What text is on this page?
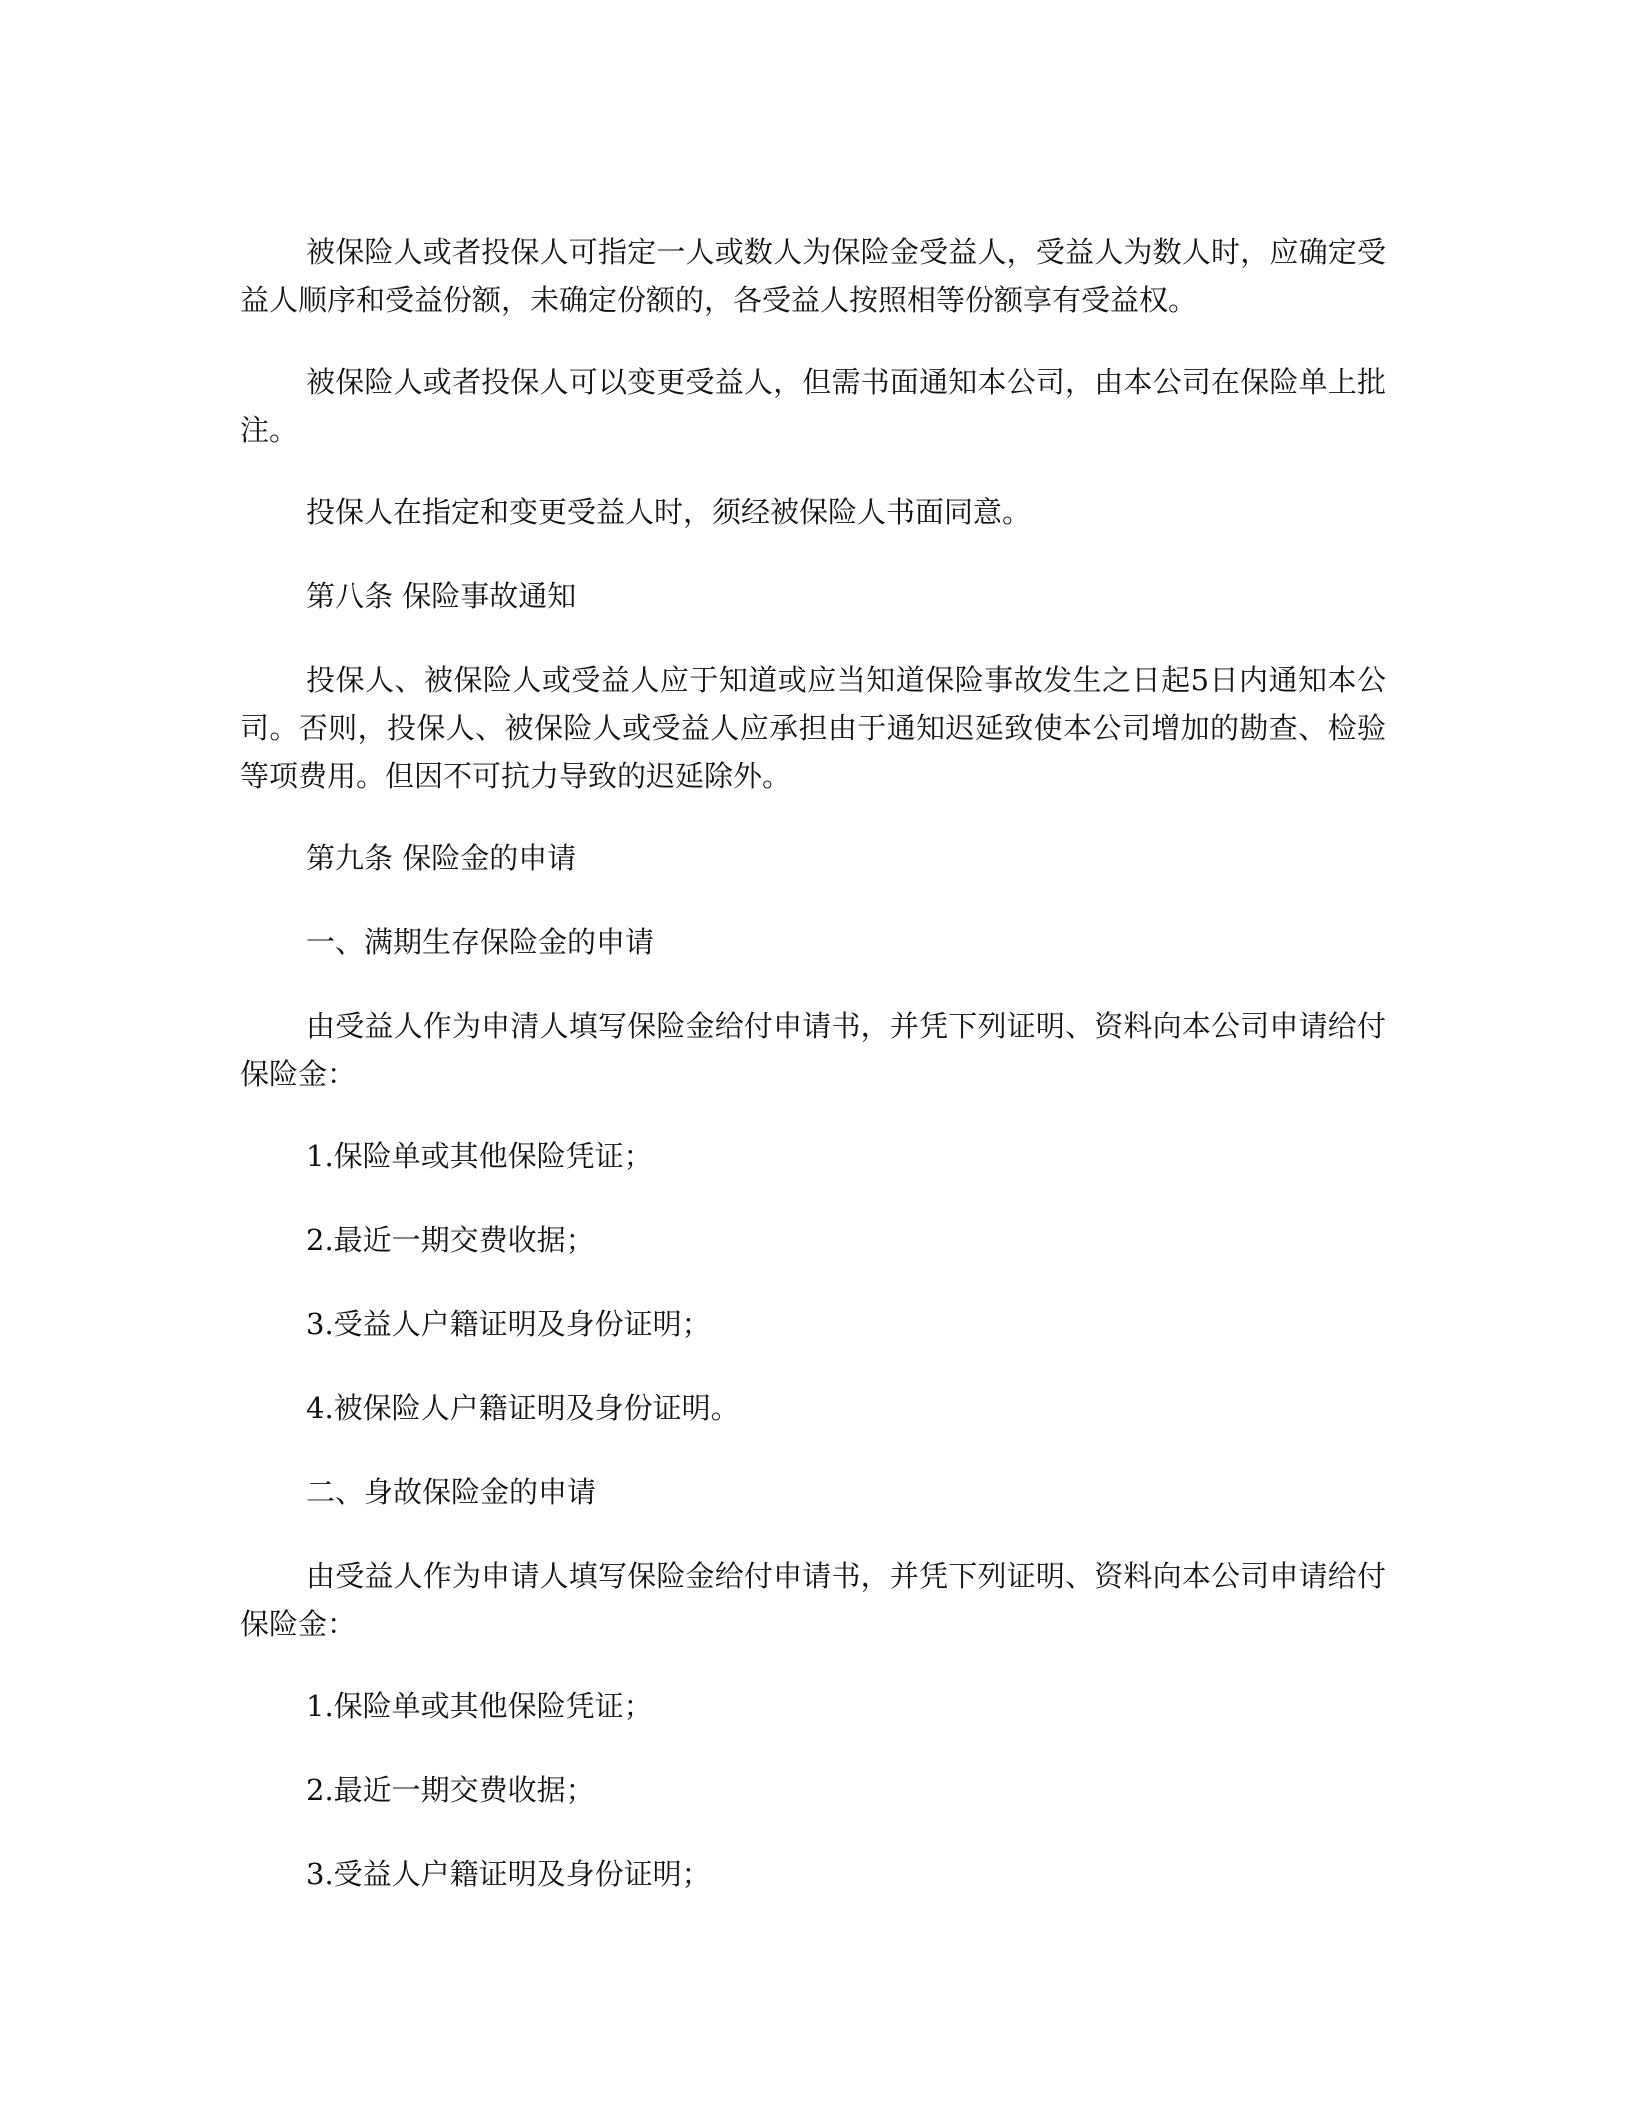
被保险人或者投保人可指定一人或数人为保险金受益人，受益人为数人时，应确定受益人顺序和受益份额，未确定份额的，各受益人按照相等份额享有受益权。

被保险人或者投保人可以变更受益人，但需书面通知本公司，由本公司在保险单上批注。

投保人在指定和变更受益人时，须经被保险人书面同意。

第八条 保险事故通知

投保人、被保险人或受益人应于知道或应当知道保险事故发生之日起5日内通知本公司。否则，投保人、被保险人或受益人应承担由于通知迟延致使本公司增加的勘查、检验等项费用。但因不可抗力导致的迟延除外。

第九条 保险金的申请

一、满期生存保险金的申请

由受益人作为申清人填写保险金给付申请书，并凭下列证明、资料向本公司申请给付保险金：

1.保险单或其他保险凭证；

2.最近一期交费收据；

3.受益人户籍证明及身份证明；

4.被保险人户籍证明及身份证明。

二、身故保险金的申请

由受益人作为申请人填写保险金给付申请书，并凭下列证明、资料向本公司申请给付保险金：

1.保险单或其他保险凭证；

2.最近一期交费收据；

3.受益人户籍证明及身份证明；
